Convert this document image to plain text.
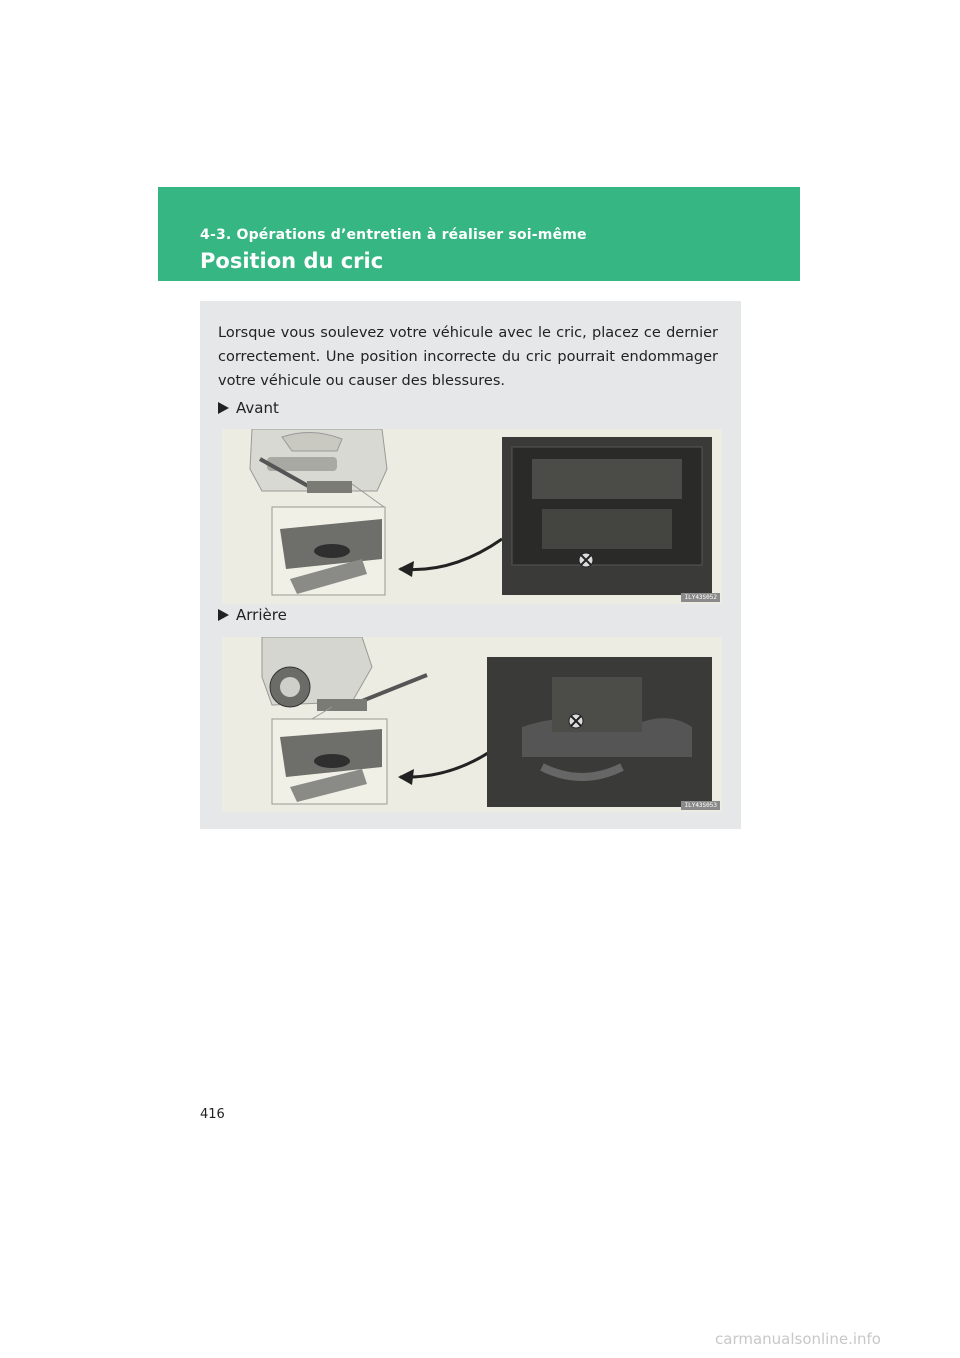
4-3. Opérations d’entretien à réaliser soi-même
Position du cric
Lorsque vous soulevez votre véhicule avec le cric, placez ce dernier correctement. Une position incorrecte du cric pourrait endommager votre véhicule ou causer des blessures.
Avant
ILY43S052
Arrière
ILY43S053
416
carmanualsonline.info
